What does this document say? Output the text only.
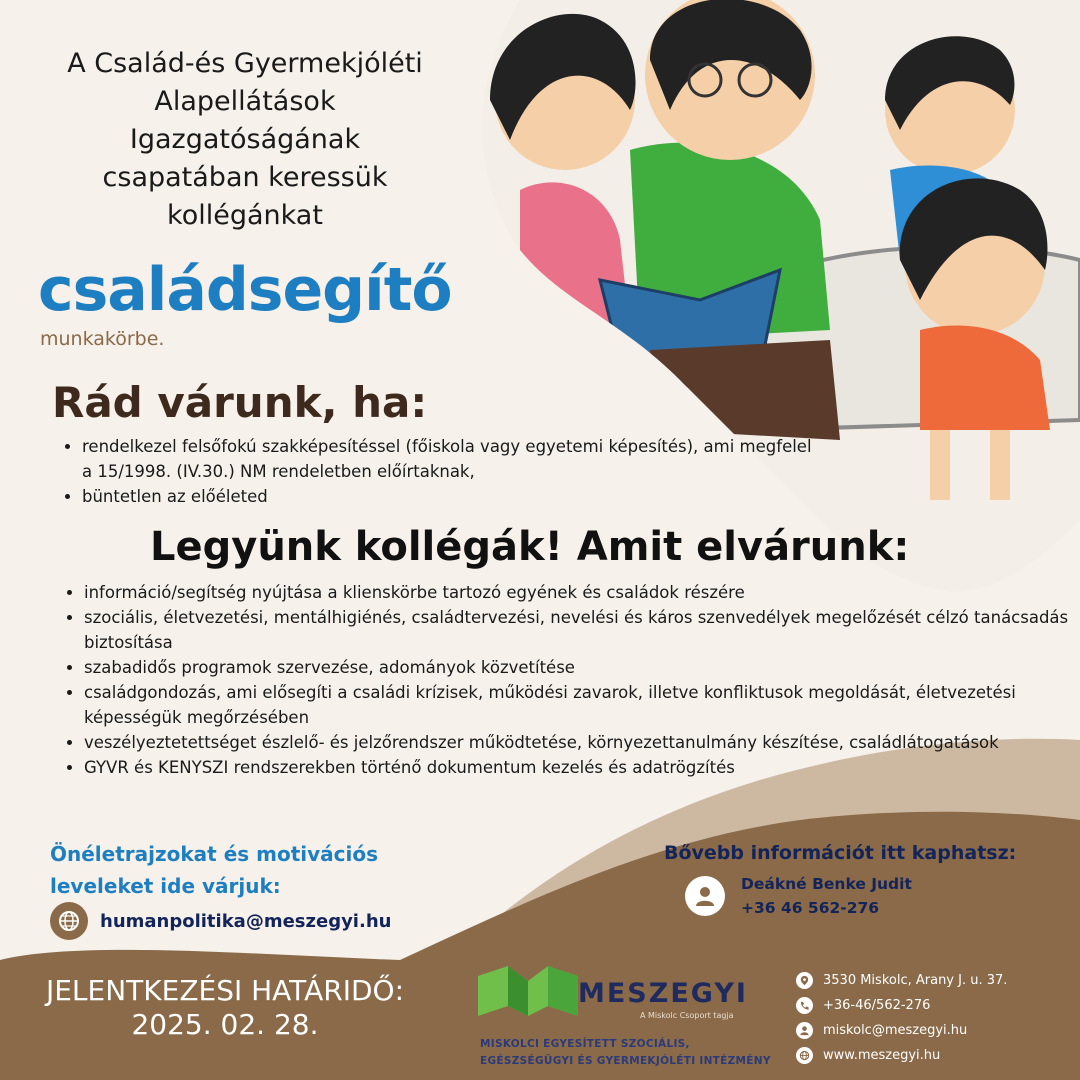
A Család-és Gyermekjóléti
Alapellátások
Igazgatóságának
csapatában keressük
kollégánkat
családsegítő
munkakörbe.
Rád várunk, ha:
• rendelkezel felsőfokú szakképesítéssel (főiskola vagy egyetemi képesítés), ami megfelel a 15/1998. (IV.30.) NM rendeletben előírtaknak,
• büntetlen az előéleted
Legyünk kollégák! Amit elvárunk:
• információ/segítség nyújtása a klienskörbe tartozó egyének és családok részére
• szociális, életvezetési, mentálhigiénés, családtervezési, nevelési és káros szenvedélyek megelőzését célzó tanácsadás biztosítása
• szabadidős programok szervezése, adományok közvetítése
• családgondozás, ami elősegíti a családi krízisek, működési zavarok, illetve konfliktusok megoldását, életvezetési képességük megőrzésében
• veszélyeztetettséget észlelő- és jelzőrendszer működtetése, környezettanulmány készítése, családlátogatások
• GYVR és KENYSZI rendszerekben történő dokumentum kezelés és adatrögzítés
Önéletrajzokat és motivációs
leveleket ide várjuk:
humanpolitika@meszegyi.hu
Bővebb információt itt kaphatsz:
Deákné Benke Judit
+36 46 562-276
JELENTKEZÉSI HATÁRIDŐ:
2025. 02. 28.
MESZEGYI
A Miskolc Csoport tagja
MISKOLCI EGYESÍTETT SZOCIÁLIS,
EGÉSZSÉGÜGYI ÉS GYERMEKJÓLÉTI INTÉZMÉNY
3530 Miskolc, Arany J. u. 37.
+36-46/562-276
miskolc@meszegyi.hu
www.meszegyi.hu
